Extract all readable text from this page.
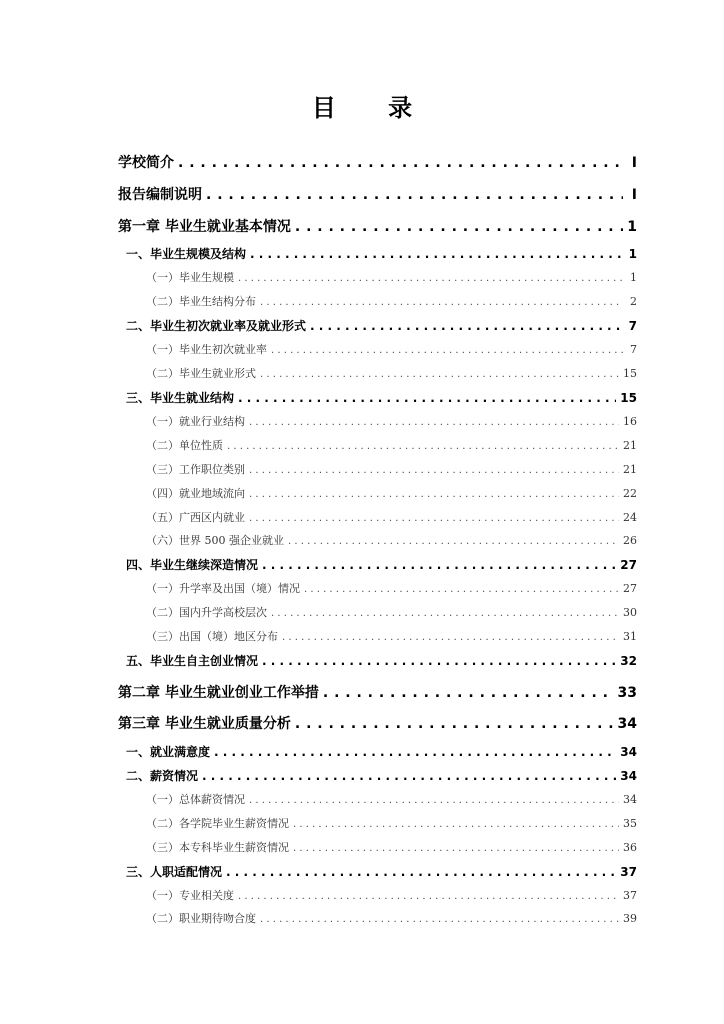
目 录
学校简介 . . .	I
报告编制说明 . . .	I
第一章 毕业生就业基本情况 . . .	1
一、毕业生规模及结构 . . .	1
（一）毕业生规模 . . .	1
（二）毕业生结构分布 . . .	2
二、毕业生初次就业率及就业形式 . . .	7
（一）毕业生初次就业率 . . .	7
（二）毕业生就业形式 . . .	15
三、毕业生就业结构 . . .	15
（一）就业行业结构 . . .	16
（二）单位性质 . . .	21
（三）工作职位类别 . . .	21
（四）就业地域流向 . . .	22
（五）广西区内就业 . . .	24
（六）世界 500 强企业就业 . . .	26
四、毕业生继续深造情况 . . .	27
（一）升学率及出国（境）情况 . . .	27
（二）国内升学高校层次 . . .	30
（三）出国（境）地区分布 . . .	31
五、毕业生自主创业情况 . . .	32
第二章 毕业生就业创业工作举措 . . .	33
第三章 毕业生就业质量分析 . . .	34
一、就业满意度 . . .	34
二、薪资情况 . . .	34
（一）总体薪资情况 . . .	34
（二）各学院毕业生薪资情况 . . .	35
（三）本专科毕业生薪资情况 . . .	36
三、人职适配情况 . . .	37
（一）专业相关度 . . .	37
（二）职业期待吻合度 . . .	39
